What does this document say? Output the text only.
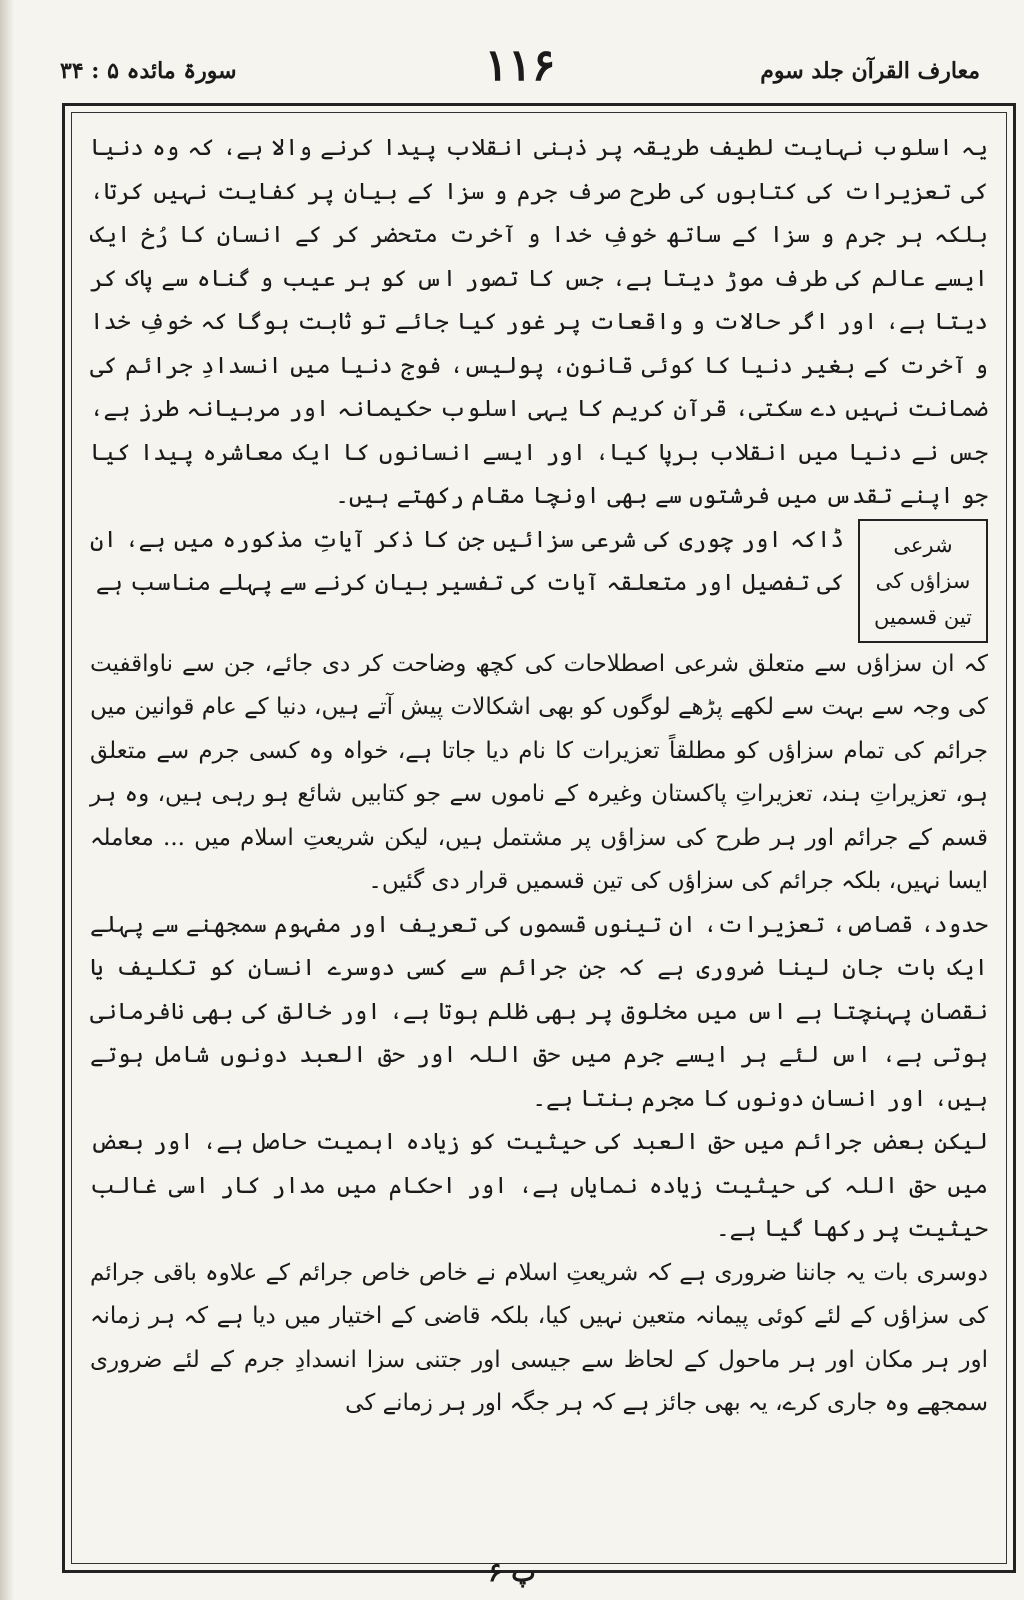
معارف القرآن جلد سوم
۱۱۶
سورۃ مائدہ ۵ : ۳۴

یہ اسلوب نہایت لطیف طریقہ پر ذہنی انقلاب پیدا کرنے والا ہے، کہ وہ دنیا کی تعزیرات کی کتابوں کی طرح صرف جرم و سزا کے بیان پر کفایت نہیں کرتا، بلکہ ہر جرم و سزا کے ساتھ خوفِ خدا و آخرت متحضر کر کے انسان کا رُخ ایک ایسے عالم کی طرف موڑ دیتا ہے، جس کا تصور اس کو ہر عیب و گناہ سے پاک کر دیتا ہے، اور اگر حالات و واقعات پر غور کیا جائے تو ثابت ہوگا کہ خوفِ خدا و آخرت کے بغیر دنیا کا کوئی قانون، پولیس، فوج دنیا میں انسدادِ جرائم کی ضمانت نہیں دے سکتی، قرآن کریم کا یہی اسلوب حکیمانہ اور مربیانہ طرز ہے، جس نے دنیا میں انقلاب برپا کیا، اور ایسے انسانوں کا ایک معاشرہ پیدا کیا جو اپنے تقدس میں فرشتوں سے بھی اونچا مقام رکھتے ہیں۔

شرعی سزاؤں کی تین قسمیں

ڈاکہ اور چوری کی شرعی سزائیں جن کا ذکر آیاتِ مذکورہ میں ہے، ان کی تفصیل اور متعلقہ آیات کی تفسیر بیان کرنے سے پہلے مناسب ہے

کہ ان سزاؤں سے متعلق شرعی اصطلاحات کی کچھ وضاحت کر دی جائے، جن سے ناواقفیت کی وجہ سے بہت سے لکھے پڑھے لوگوں کو بھی اشکالات پیش آتے ہیں، دنیا کے عام قوانین میں جرائم کی تمام سزاؤں کو مطلقاً تعزیرات کا نام دیا جاتا ہے، خواہ وہ کسی جرم سے متعلق ہو، تعزیراتِ ہند، تعزیراتِ پاکستان وغیرہ کے ناموں سے جو کتابیں شائع ہو رہی ہیں، وہ ہر قسم کے جرائم اور ہر طرح کی سزاؤں پر مشتمل ہیں، لیکن شریعتِ اسلام میں ... معاملہ ایسا نہیں، بلکہ جرائم کی سزاؤں کی تین قسمیں قرار دی گئیں۔

حدود، قصاص، تعزیرات، ان تینوں قسموں کی تعریف اور مفہوم سمجھنے سے پہلے ایک بات جان لینا ضروری ہے کہ جن جرائم سے کسی دوسرے انسان کو تکلیف یا نقصان پہنچتا ہے اس میں مخلوق پر بھی ظلم ہوتا ہے، اور خالق کی بھی نافرمانی ہوتی ہے، اس لئے ہر ایسے جرم میں حق اللہ اور حق العبد دونوں شامل ہوتے ہیں، اور انسان دونوں کا مجرم بنتا ہے۔

لیکن بعض جرائم میں حق العبد کی حیثیت کو زیادہ اہمیت حاصل ہے، اور بعض میں حق اللہ کی حیثیت زیادہ نمایاں ہے، اور احکام میں مدار کار اسی غالب حیثیت پر رکھا گیا ہے۔

دوسری بات یہ جاننا ضروری ہے کہ شریعتِ اسلام نے خاص خاص جرائم کے علاوہ باقی جرائم کی سزاؤں کے لئے کوئی پیمانہ متعین نہیں کیا، بلکہ قاضی کے اختیار میں دیا ہے کہ ہر زمانہ اور ہر مکان اور ہر ماحول کے لحاظ سے جیسی اور جتنی سزا انسدادِ جرم کے لئے ضروری سمجھے وہ جاری کرے، یہ بھی جائز ہے کہ ہر جگہ اور ہر زمانے کی

پ ۶
